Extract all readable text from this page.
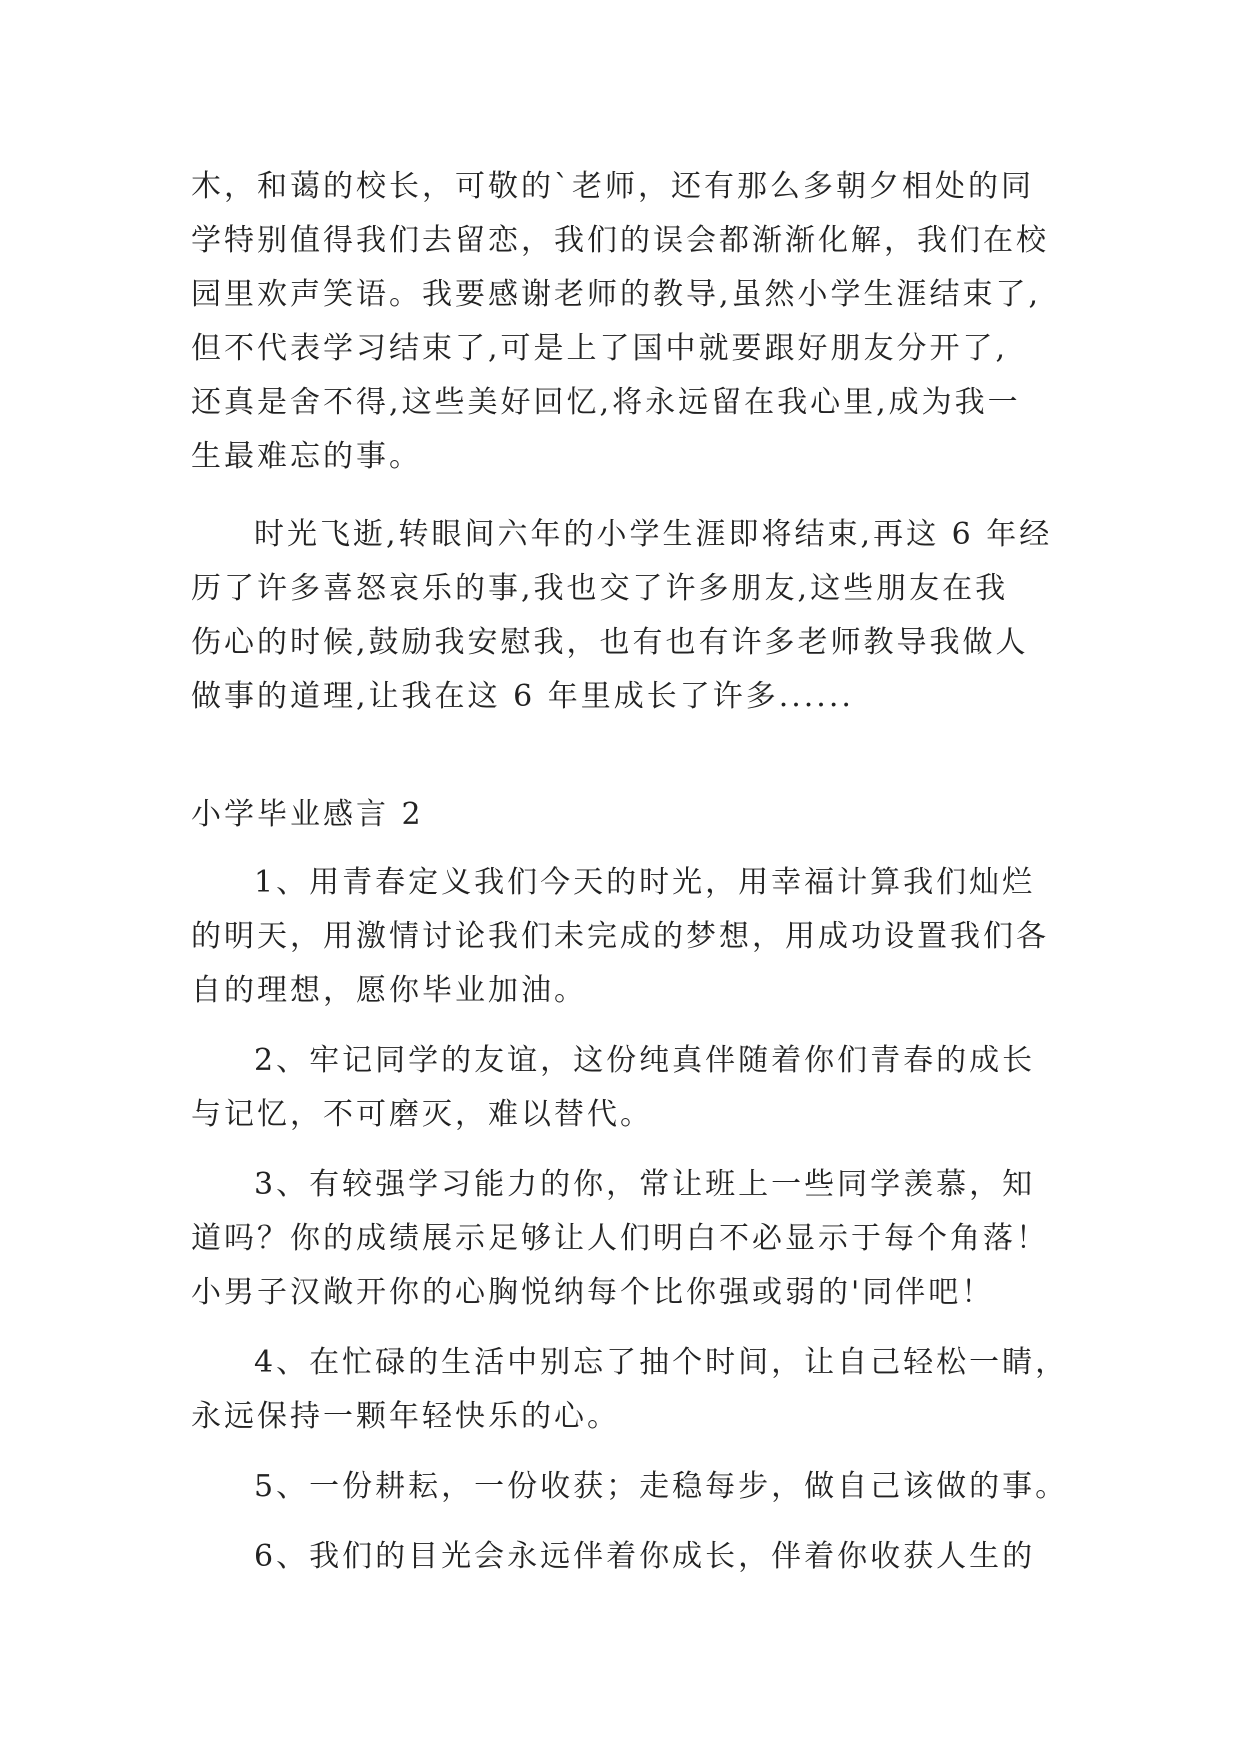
木，和蔼的校长，可敬的`老师，还有那么多朝夕相处的同

学特别值得我们去留恋，我们的误会都渐渐化解，我们在校

园里欢声笑语。我要感谢老师的教导,虽然小学生涯结束了,

但不代表学习结束了,可是上了国中就要跟好朋友分开了,

还真是舍不得,这些美好回忆,将永远留在我心里,成为我一

生最难忘的事。

时光飞逝,转眼间六年的小学生涯即将结束,再这 6 年经

历了许多喜怒哀乐的事,我也交了许多朋友,这些朋友在我

伤心的时候,鼓励我安慰我，也有也有许多老师教导我做人

做事的道理,让我在这 6 年里成长了许多......

小学毕业感言 2

1、用青春定义我们今天的时光，用幸福计算我们灿烂

的明天，用激情讨论我们未完成的梦想，用成功设置我们各

自的理想，愿你毕业加油。

2、牢记同学的友谊，这份纯真伴随着你们青春的成长

与记忆，不可磨灭，难以替代。

3、有较强学习能力的你，常让班上一些同学羡慕，知

道吗？你的成绩展示足够让人们明白不必显示于每个角落！

小男子汉敞开你的心胸悦纳每个比你强或弱的'同伴吧！

4、在忙碌的生活中别忘了抽个时间，让自己轻松一睛，

永远保持一颗年轻快乐的心。

5、一份耕耘，一份收获；走稳每步，做自己该做的事。

6、我们的目光会永远伴着你成长，伴着你收获人生的
